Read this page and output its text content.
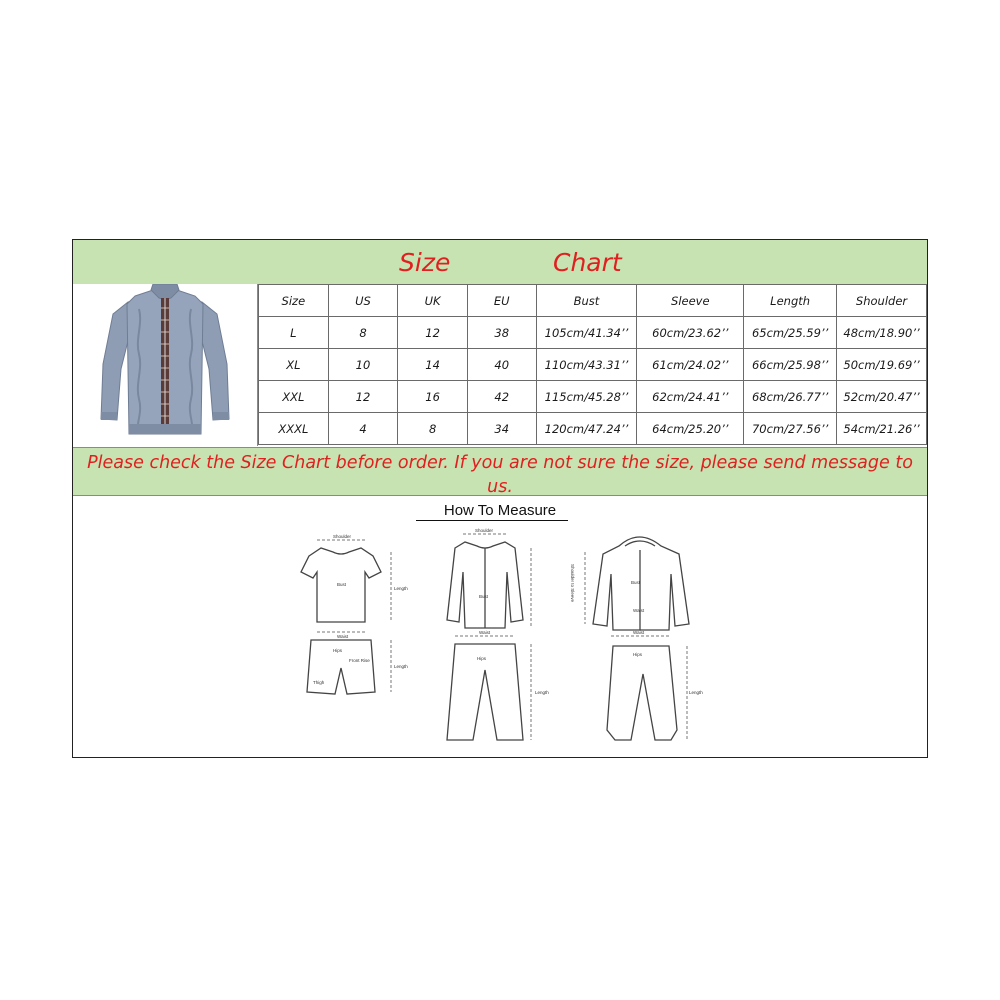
Size	Chart
Size	US	UK	EU	Bust	Sleeve	Length	Shoulder
L	8	12	38	105cm/41.34’’	60cm/23.62’’	65cm/25.59’’	48cm/18.90’’
XL	10	14	40	110cm/43.31’’	61cm/24.02’’	66cm/25.98’’	50cm/19.69’’
XXL	12	16	42	115cm/45.28’’	62cm/24.41’’	68cm/26.77’’	52cm/20.47’’
XXXL	4	8	34	120cm/47.24’’	64cm/25.20’’	70cm/27.56’’	54cm/21.26’’
Please check the Size Chart before order. If you are not sure the size, please send message to us.
How To Measure
Shoulder
Bust
Length
Waist
Hips
Front Rise
Thigh
Length
Shoulder
Bust
Waist
Hips
Length
Waist
Hips
Length
Bust
Waist
Shoulder to Sleeve
